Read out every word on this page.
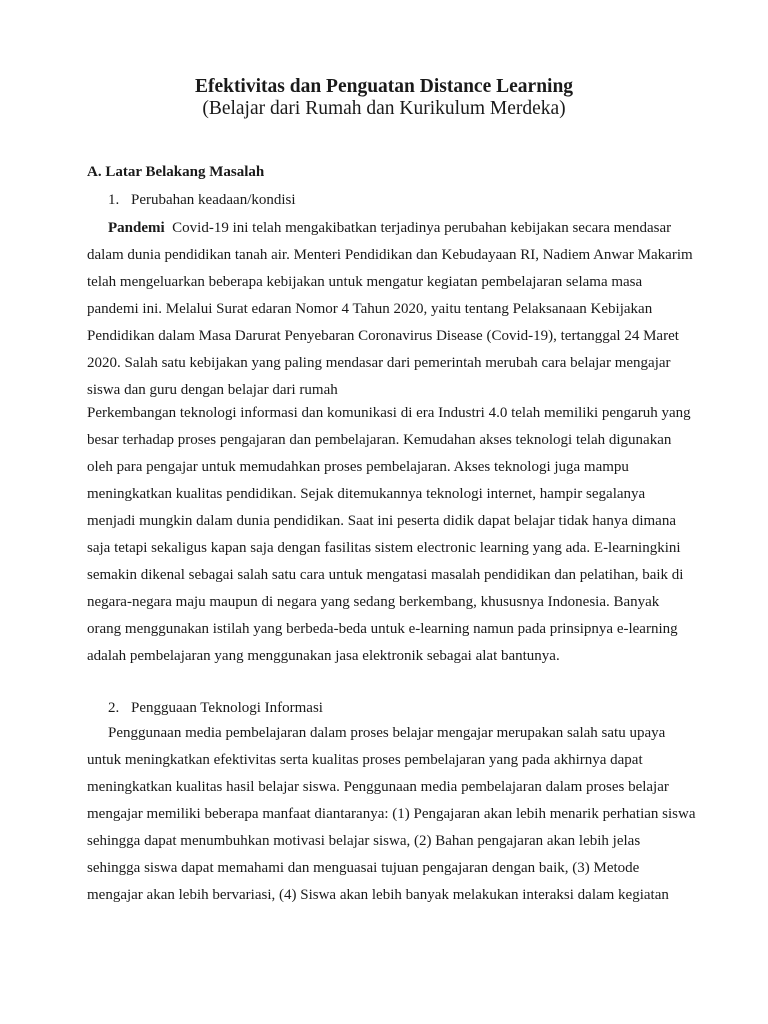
Efektivitas dan Penguatan Distance Learning
(Belajar dari Rumah dan Kurikulum Merdeka)
A. Latar Belakang Masalah
1. Perubahan keadaan/kondisi
Pandemi Covid-19 ini telah mengakibatkan terjadinya perubahan kebijakan secara mendasar
dalam dunia pendidikan tanah air. Menteri Pendidikan dan Kebudayaan RI, Nadiem Anwar Makarim
telah mengeluarkan beberapa kebijakan untuk mengatur kegiatan pembelajaran selama masa
pandemi ini. Melalui Surat edaran Nomor 4 Tahun 2020, yaitu tentang Pelaksanaan Kebijakan
Pendidikan dalam Masa Darurat Penyebaran Coronavirus Disease (Covid-19), tertanggal 24 Maret
2020. Salah satu kebijakan yang paling mendasar dari pemerintah merubah cara belajar mengajar
siswa dan guru dengan belajar dari rumah
Perkembangan teknologi informasi dan komunikasi di era Industri 4.0 telah memiliki pengaruh yang
besar terhadap proses pengajaran dan pembelajaran. Kemudahan akses teknologi telah digunakan
oleh para pengajar untuk memudahkan proses pembelajaran. Akses teknologi juga mampu
meningkatkan kualitas pendidikan. Sejak ditemukannya teknologi internet, hampir segalanya
menjadi mungkin dalam dunia pendidikan. Saat ini peserta didik dapat belajar tidak hanya dimana
saja tetapi sekaligus kapan saja dengan fasilitas sistem electronic learning yang ada. E-learningkini
semakin dikenal sebagai salah satu cara untuk mengatasi masalah pendidikan dan pelatihan, baik di
negara-negara maju maupun di negara yang sedang berkembang, khususnya Indonesia. Banyak
orang menggunakan istilah yang berbeda-beda untuk e-learning namun pada prinsipnya e-learning
adalah pembelajaran yang menggunakan jasa elektronik sebagai alat bantunya.
2. Pengguaan Teknologi Informasi
Penggunaan media pembelajaran dalam proses belajar mengajar merupakan salah satu upaya
untuk meningkatkan efektivitas serta kualitas proses pembelajaran yang pada akhirnya dapat
meningkatkan kualitas hasil belajar siswa. Penggunaan media pembelajaran dalam proses belajar
mengajar memiliki beberapa manfaat diantaranya: (1) Pengajaran akan lebih menarik perhatian siswa
sehingga dapat menumbuhkan motivasi belajar siswa, (2) Bahan pengajaran akan lebih jelas
sehingga siswa dapat memahami dan menguasai tujuan pengajaran dengan baik, (3) Metode
mengajar akan lebih bervariasi, (4) Siswa akan lebih banyak melakukan interaksi dalam kegiatan
